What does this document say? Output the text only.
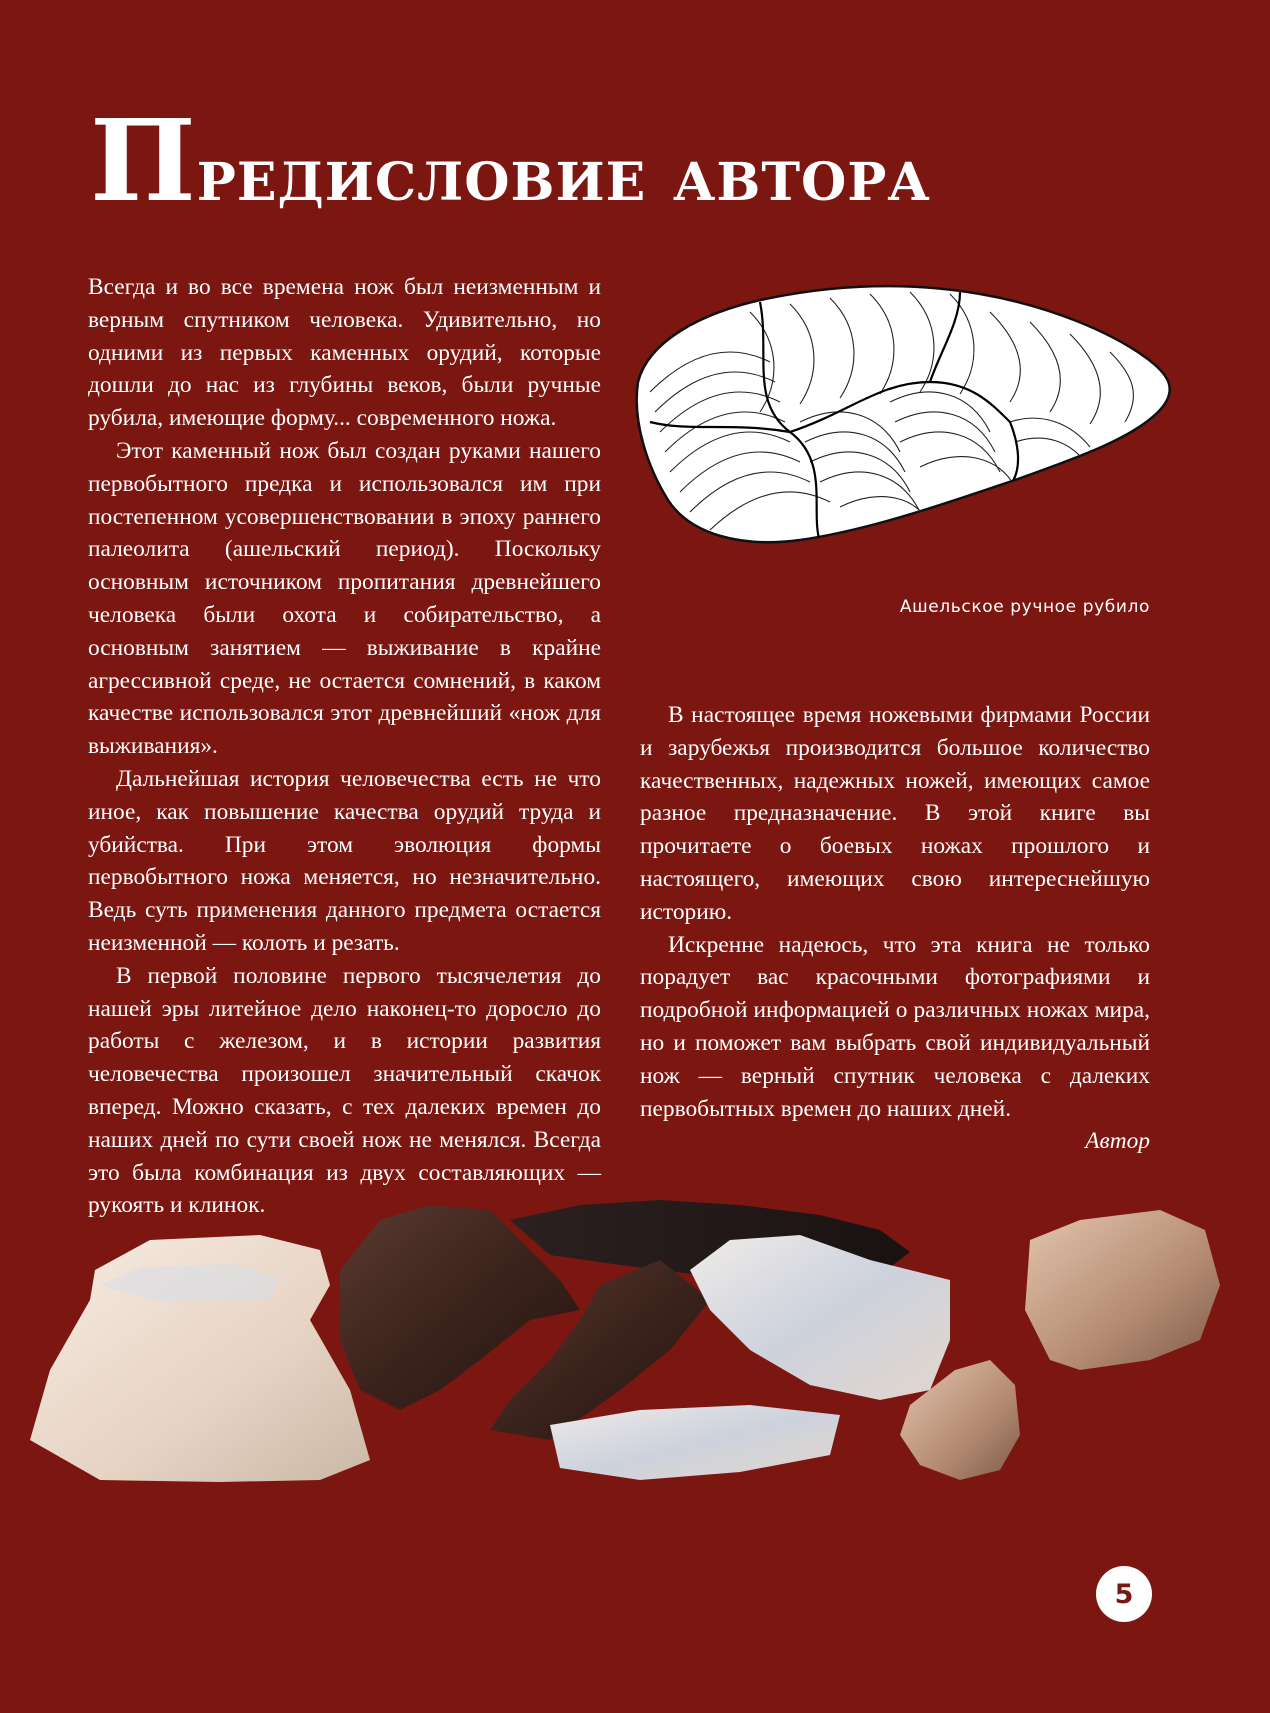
Предисловие автора

Всегда и во все времена нож был неизменным и верным спутником человека. Удивительно, но одними из первых каменных орудий, которые дошли до нас из глубины веков, были ручные рубила, имеющие форму... современного ножа.

Этот каменный нож был создан руками нашего первобытного предка и использовался им при постепенном усовершенствовании в эпоху раннего палеолита (ашельский период). Поскольку основным источником пропитания древнейшего человека были охота и собирательство, а основным занятием — выживание в крайне агрессивной среде, не остается сомнений, в каком качестве использовался этот древнейший «нож для выживания».

Дальнейшая история человечества есть не что иное, как повышение качества орудий труда и убийства. При этом эволюция формы первобытного ножа меняется, но незначительно. Ведь суть применения данного предмета остается неизменной — колоть и резать.

В первой половине первого тысячелетия до нашей эры литейное дело наконец-то доросло до работы с железом, и в истории развития человечества произошел значительный скачок вперед. Можно сказать, с тех далеких времен до наших дней по сути своей нож не менялся. Всегда это была комбинация из двух составляющих — рукоять и клинок.

Ашельское ручное рубило

В настоящее время ножевыми фирмами России и зарубежья производится большое количество качественных, надежных ножей, имеющих самое разное предназначение. В этой книге вы прочитаете о боевых ножах прошлого и настоящего, имеющих свою интереснейшую историю.

Искренне надеюсь, что эта книга не только порадует вас красочными фотографиями и подробной информацией о различных ножах мира, но и поможет вам выбрать свой индивидуальный нож — верный спутник человека с далеких первобытных времен до наших дней.

Автор
5
